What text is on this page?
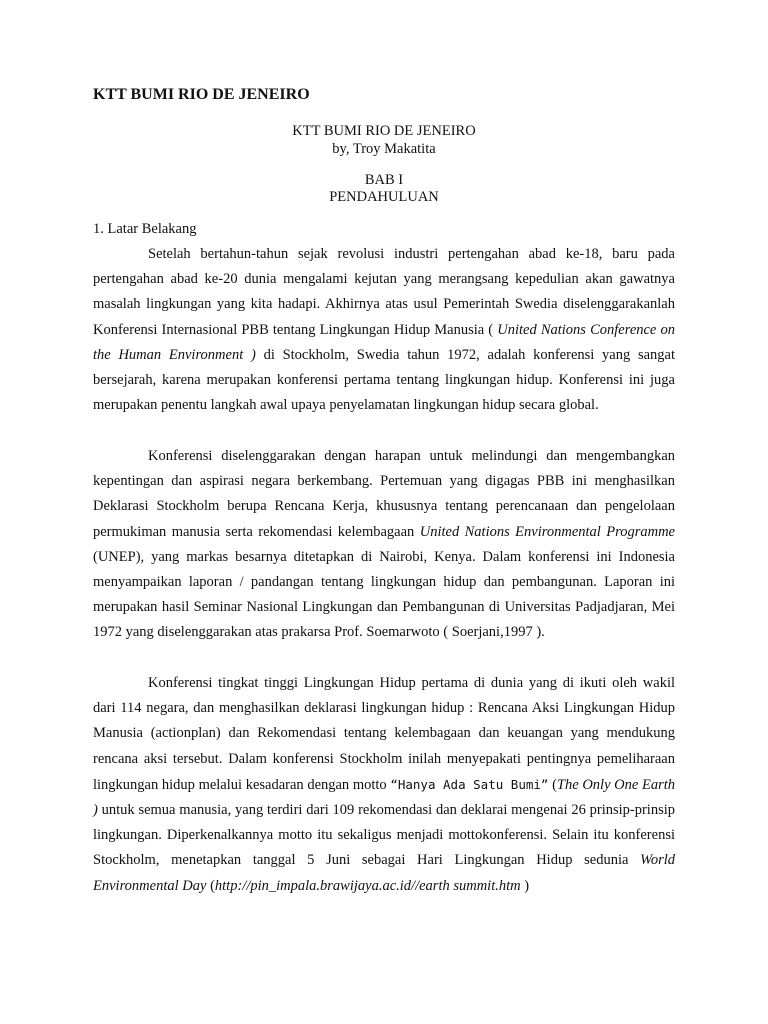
KTT BUMI RIO DE JENEIRO
KTT BUMI RIO DE JENEIRO
by, Troy Makatita
BAB I
PENDAHULUAN
1. Latar Belakang

Setelah bertahun-tahun sejak revolusi industri pertengahan abad ke-18, baru pada pertengahan abad ke-20 dunia mengalami kejutan yang merangsang kepedulian akan gawatnya masalah lingkungan yang kita hadapi. Akhirnya atas usul Pemerintah Swedia diselenggarakanlah Konferensi Internasional PBB tentang Lingkungan Hidup Manusia ( United Nations Conference on the Human Environment ) di Stockholm, Swedia tahun 1972, adalah konferensi yang sangat bersejarah, karena merupakan konferensi pertama tentang lingkungan hidup. Konferensi ini juga merupakan penentu langkah awal upaya penyelamatan lingkungan hidup secara global.

Konferensi diselenggarakan dengan harapan untuk melindungi dan mengembangkan kepentingan dan aspirasi negara berkembang. Pertemuan yang digagas PBB ini menghasilkan Deklarasi Stockholm berupa Rencana Kerja, khususnya tentang perencanaan dan pengelolaan permukiman manusia serta rekomendasi kelembagaan United Nations Environmental Programme (UNEP), yang markas besarnya ditetapkan di Nairobi, Kenya. Dalam konferensi ini Indonesia menyampaikan laporan / pandangan tentang lingkungan hidup dan pembangunan. Laporan ini merupakan hasil Seminar Nasional Lingkungan dan Pembangunan di Universitas Padjadjaran, Mei 1972 yang diselenggarakan atas prakarsa Prof. Soemarwoto ( Soerjani,1997 ).

Konferensi tingkat tinggi Lingkungan Hidup pertama di dunia yang di ikuti oleh wakil dari 114 negara, dan menghasilkan deklarasi lingkungan hidup : Rencana Aksi Lingkungan Hidup Manusia (actionplan) dan Rekomendasi tentang kelembagaan dan keuangan yang mendukung rencana aksi tersebut. Dalam konferensi Stockholm inilah menyepakati pentingnya pemeliharaan lingkungan hidup melalui kesadaran dengan motto “Hanya Ada Satu Bumi” (The Only One Earth ) untuk semua manusia, yang terdiri dari 109 rekomendasi dan deklarai mengenai 26 prinsip-prinsip lingkungan. Diperkenalkannya motto itu sekaligus menjadi mottokonferensi. Selain itu konferensi Stockholm, menetapkan tanggal 5 Juni sebagai Hari Lingkungan Hidup sedunia World Environmental Day (http://pin_impala.brawijaya.ac.id//earth summit.htm )
